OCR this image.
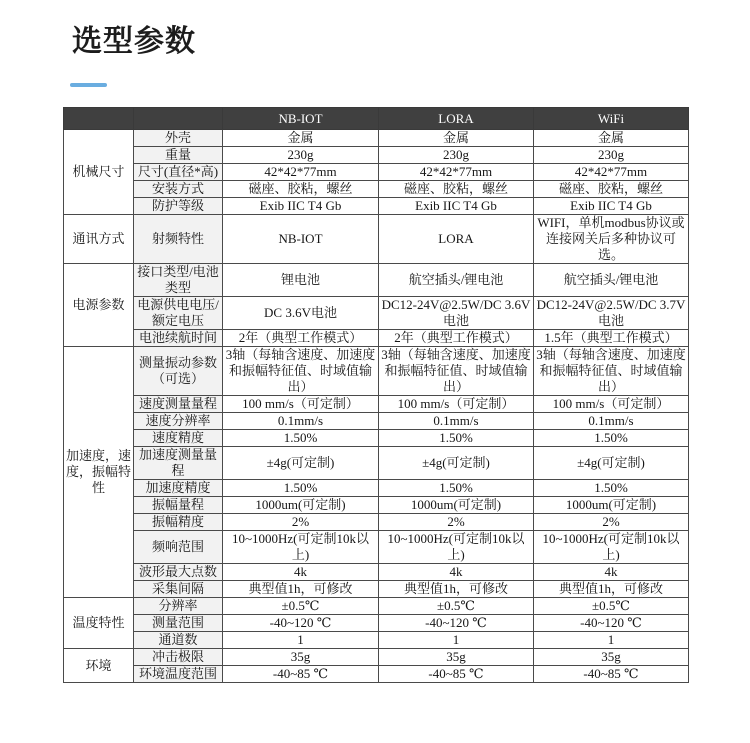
选型参数
		NB-IOT	LORA	WiFi
机械尺寸	外壳	金属	金属	金属
	重量	230g	230g	230g
	尺寸(直径*高)	42*42*77mm	42*42*77mm	42*42*77mm
	安装方式	磁座、胶粘，螺丝	磁座、胶粘，螺丝	磁座、胶粘，螺丝
	防护等级	Exib IIC T4 Gb	Exib IIC T4 Gb	Exib IIC T4 Gb
通讯方式	射频特性	NB-IOT	LORA	WIFI，单机modbus协议或连接网关后多种协议可选。
电源参数	接口类型/电池类型	锂电池	航空插头/锂电池	航空插头/锂电池
	电源供电电压/额定电压	DC 3.6V电池	DC12-24V@2.5W/DC 3.6V电池	DC12-24V@2.5W/DC 3.7V电池
	电池续航时间	2年（典型工作模式）	2年（典型工作模式）	1.5年（典型工作模式）
加速度，速度，振幅特性	测量振动参数（可选）	3轴（每轴含速度、加速度和振幅特征值、时域值输出）	3轴（每轴含速度、加速度和振幅特征值、时域值输出）	3轴（每轴含速度、加速度和振幅特征值、时域值输出）
	速度测量量程	100 mm/s（可定制）	100 mm/s（可定制）	100 mm/s（可定制）
	速度分辨率	0.1mm/s	0.1mm/s	0.1mm/s
	速度精度	1.50%	1.50%	1.50%
	加速度测量量程	±4g(可定制)	±4g(可定制)	±4g(可定制)
	加速度精度	1.50%	1.50%	1.50%
	振幅量程	1000um(可定制)	1000um(可定制)	1000um(可定制)
	振幅精度	2%	2%	2%
	频响范围	10~1000Hz(可定制10k以上)	10~1000Hz(可定制10k以上)	10~1000Hz(可定制10k以上)
	波形最大点数	4k	4k	4k
	采集间隔	典型值1h，可修改	典型值1h，可修改	典型值1h，可修改
温度特性	分辨率	±0.5℃	±0.5℃	±0.5℃
	测量范围	-40~120 ℃	-40~120 ℃	-40~120 ℃
	通道数	1	1	1
环境	冲击极限	35g	35g	35g
	环境温度范围	-40~85 ℃	-40~85 ℃	-40~85 ℃
